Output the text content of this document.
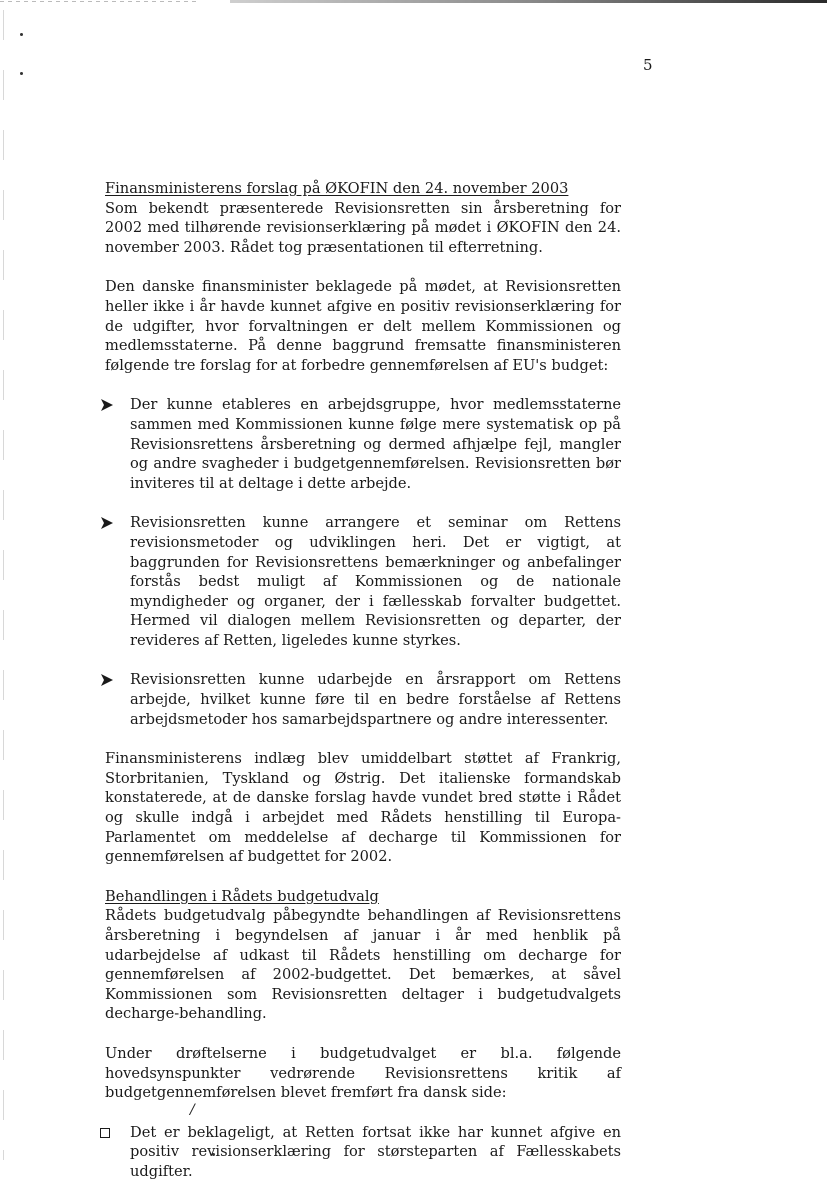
/
5

Finansministerens forslag på ØKOFIN den 24. november 2003

Som bekendt præsenterede Revisionsretten sin årsberetning for 2002 med tilhørende revisionserklæring på mødet i ØKOFIN den 24. november 2003. Rådet tog præsentationen til efterretning.

Den danske finansminister beklagede på mødet, at Revisionsretten heller ikke i år havde kunnet afgive en positiv revisionserklæring for de udgifter, hvor forvaltningen er delt mellem Kommissionen og medlemsstaterne. På denne baggrund fremsatte finansministeren følgende tre forslag for at forbedre gennemførelsen af EU's budget:

Der kunne etableres en arbejdsgruppe, hvor medlemsstaterne sammen med Kommissionen kunne følge mere systematisk op på Revisionsrettens årsberetning og dermed afhjælpe fejl, mangler og andre svagheder i budgetgennemførelsen. Revisionsretten bør inviteres til at deltage i dette arbejde.
Revisionsretten kunne arrangere et seminar om Rettens revisionsmetoder og udviklingen heri. Det er vigtigt, at baggrunden for Revisionsrettens bemærkninger og anbefalinger forstås bedst muligt af Kommissionen og de nationale myndigheder og organer, der i fællesskab forvalter budgettet. Hermed vil dialogen mellem Revisionsretten og departer, der revideres af Retten, ligeledes kunne styrkes.
Revisionsretten kunne udarbejde en årsrapport om Rettens arbejde, hvilket kunne føre til en bedre forståelse af Rettens arbejdsmetoder hos samarbejdspartnere og andre interessenter.

Finansministerens indlæg blev umiddelbart støttet af Frankrig, Storbritanien, Tyskland og Østrig. Det italienske formandskab konstaterede, at de danske forslag havde vundet bred støtte i Rådet og skulle indgå i arbejdet med Rådets henstilling til Europa-Parlamentet om meddelelse af decharge til Kommissionen for gennemførelsen af budgettet for 2002.

Behandlingen i Rådets budgetudvalg

Rådets budgetudvalg påbegyndte behandlingen af Revisionsrettens årsberetning i begyndelsen af januar i år med henblik på udarbejdelse af udkast til Rådets henstilling om decharge for gennemførelsen af 2002-budgettet. Det bemærkes, at såvel Kommissionen som Revisionsretten deltager i budgetudvalgets decharge-behandling.

Under drøftelserne i budgetudvalget er bl.a. følgende hovedsynspunkter vedrørende Revisionsrettens kritik af budgetgennemførelsen blevet fremført fra dansk side:

Det er beklageligt, at Retten fortsat ikke har kunnet afgive en positiv revisionserklæring for størsteparten af Fællesskabets udgifter.
